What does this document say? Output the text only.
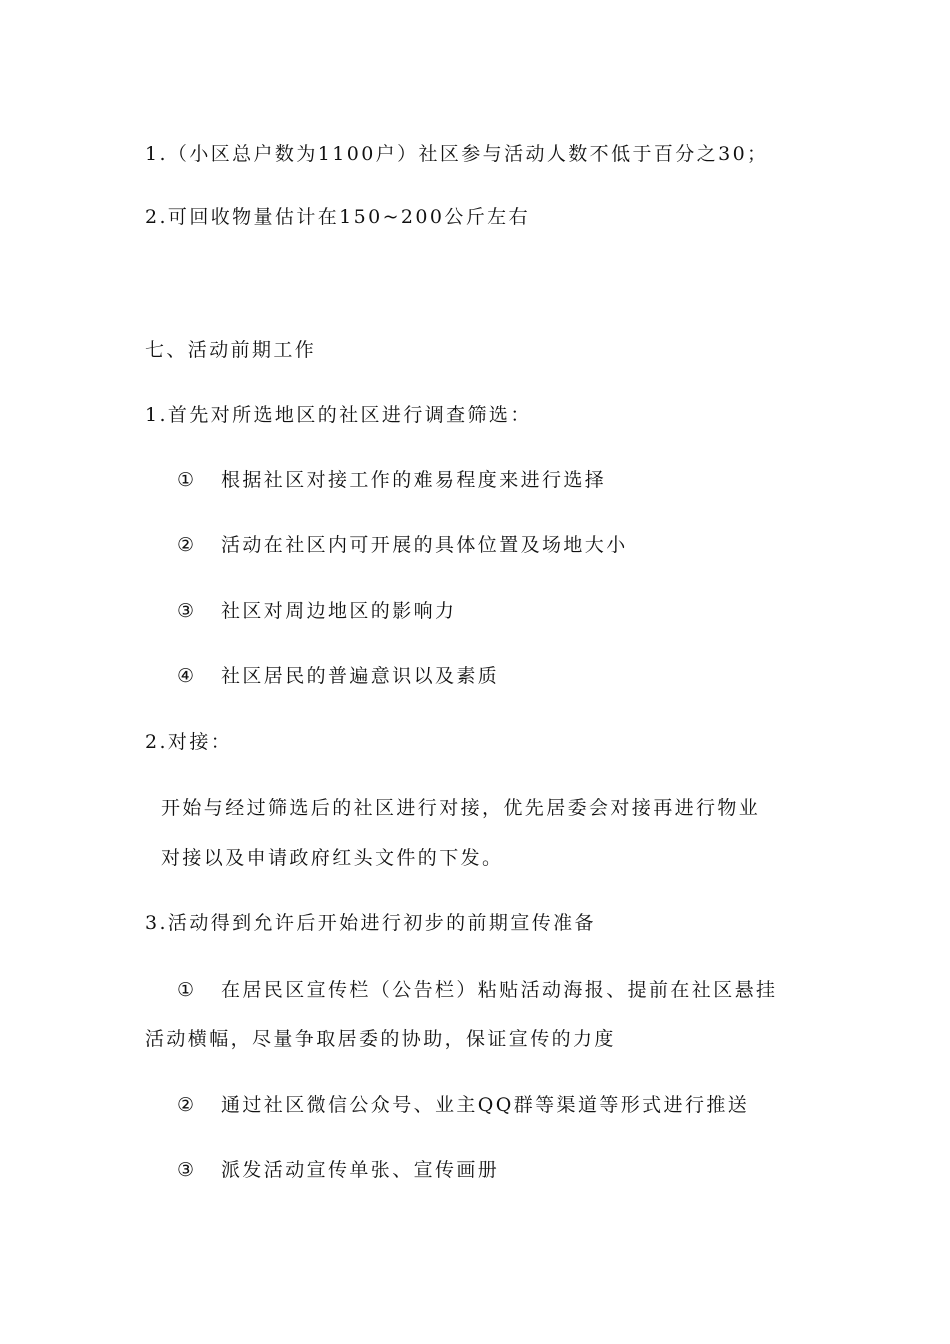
1.（小区总户数为1100户）社区参与活动人数不低于百分之30；
2.可回收物量估计在150~200公斤左右
七、活动前期工作
1.首先对所选地区的社区进行调查筛选：
① 根据社区对接工作的难易程度来进行选择
② 活动在社区内可开展的具体位置及场地大小
③ 社区对周边地区的影响力
④ 社区居民的普遍意识以及素质
2.对接：
开始与经过筛选后的社区进行对接，优先居委会对接再进行物业
对接以及申请政府红头文件的下发。
3.活动得到允许后开始进行初步的前期宣传准备
① 在居民区宣传栏（公告栏）粘贴活动海报、提前在社区悬挂
活动横幅，尽量争取居委的协助，保证宣传的力度
② 通过社区微信公众号、业主QQ群等渠道等形式进行推送
③ 派发活动宣传单张、宣传画册
